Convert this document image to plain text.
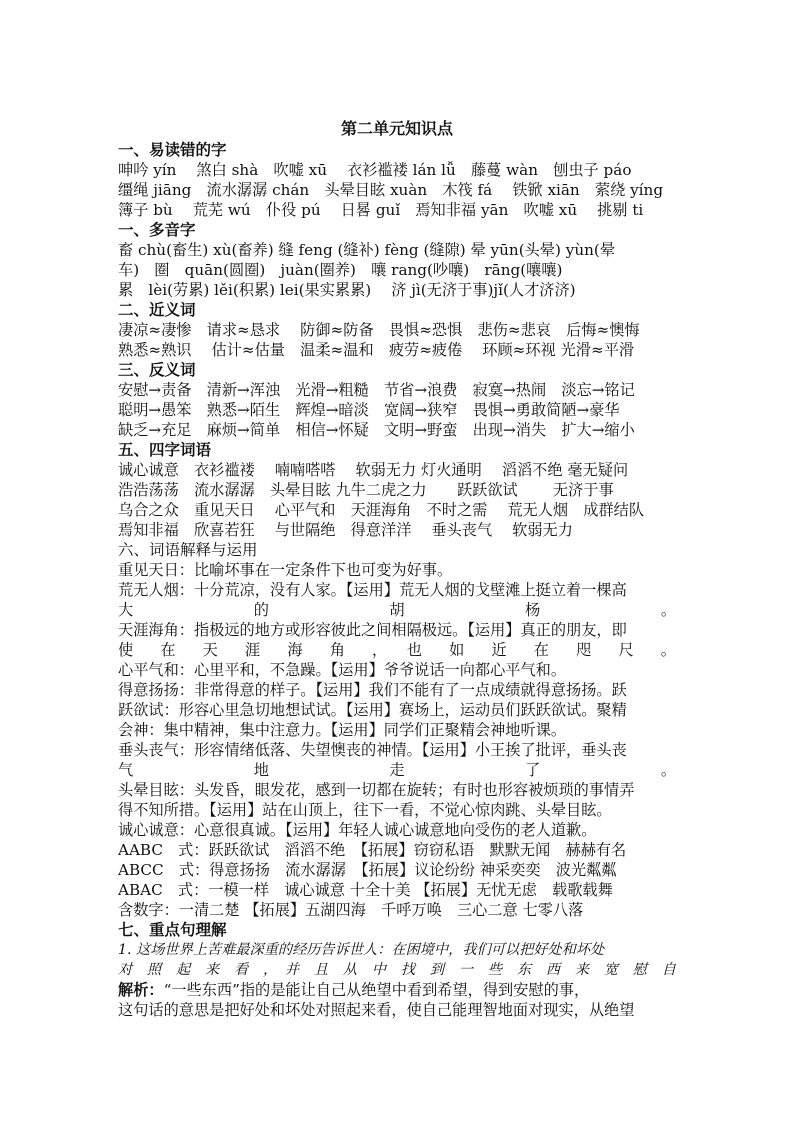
第二单元知识点
一、易读错的字
呻吟 yín　 煞白 shà　吹嘘 xū　 衣衫褴褛 lán lǚ　藤蔓 wàn　刨虫子 páo
缰绳 jiāng　流水潺潺 chán　头晕目眩 xuàn　木筏 fá　 铁锨 xiān　萦绕 yíng
簿子 bù　 荒芜 wú　仆役 pú　 日晷 guǐ　焉知非福 yān　吹嘘 xū　 挑剔 ti
一、多音字
畜 chù(畜生) xù(畜养) 缝 feng (缝补) fèng (缝隙) 晕 yūn(头晕) yùn(晕
车)　圈　quān(圆圈)　juàn(圈养)　嚷 rang(吵嚷)　rāng(嚷嚷)
累　lèi(劳累) lěi(积累) lei(果实累累)　 济 jì(无济于事)jǐ(人才济济)
二、近义词
凄凉≈凄惨　请求≈恳求　 防御≈防备　畏惧≈恐惧　悲伤≈悲哀　后悔≈懊悔
熟悉≈熟识　 估计≈估量　温柔≈温和　疲劳≈疲倦　 环顾≈环视 光滑≈平滑
三、反义词
安慰→责备　清新→浑浊　光滑→粗糙　节省→浪费　寂寞→热闹　淡忘→铭记
聪明→愚笨　熟悉→陌生　辉煌→暗淡　宽阔→狭窄　畏惧→勇敢简陋→豪华
缺乏→充足　麻烦→简单　相信→怀疑　文明→野蛮　出现→消失　扩大→缩小
五、四字词语
诚心诚意　衣衫褴褛　 喃喃嗒嗒　 软弱无力 灯火通明　 滔滔不绝 毫无疑问
浩浩荡荡　流水潺潺　头晕目眩 九牛二虎之力　　跃跃欲试　　 无济于事
乌合之众　重见天日　 心平气和　天涯海角　不时之需　 荒无人烟　成群结队
焉知非福　欣喜若狂　 与世隔绝　得意洋洋　 垂头丧气　 软弱无力
六、词语解释与运用
重见天日：比喻坏事在一定条件下也可变为好事。
荒无人烟：十分荒凉，没有人家。【运用】荒无人烟的戈壁滩上挺立着一棵高
大　　　的　　　胡　　　杨　　　。
天涯海角：指极远的地方或形容彼此之间相隔极远。【运用】真正的朋友，即
使　在　天　涯　海　角　，　也　如　近　在　咫　尺　。
心平气和：心里平和，不急躁。【运用】爷爷说话一向都心平气和。
得意扬扬：非常得意的样子。【运用】我们不能有了一点成绩就得意扬扬。跃
跃欲试：形容心里急切地想试试。【运用】赛场上，运动员们跃跃欲试。聚精
会神：集中精神，集中注意力。【运用】同学们正聚精会神地听课。
垂头丧气：形容情绪低落、失望懊丧的神情。【运用】小王挨了批评，垂头丧
气　　　地　　　走　　　了　　　。
头晕目眩：头发昏，眼发花，感到一切都在旋转；有时也形容被烦琐的事情弄
得不知所措。【运用】站在山顶上，往下一看，不觉心惊肉跳、头晕目眩。
诚心诚意：心意很真诚。【运用】年轻人诚心诚意地向受伤的老人道歉。
AABC　式：跃跃欲试　滔滔不绝　【拓展】窃窃私语　默默无闻　赫赫有名
ABCC　式：得意扬扬　流水潺潺　【拓展】议论纷纷 神采奕奕　波光粼粼
ABAC　式：一模一样　诚心诚意 十全十美 【拓展】无忧无虑　载歌载舞
含数字：一清二楚 【拓展】五湖四海　千呼万唤　三心二意 七零八落
七、重点句理解
1. 这场世界上苦难最深重的经历告诉世人：在困境中，我们可以把好处和坏处
对　照　起　来　看　，　并　且　从　中　找　到　一　些　东　西　来　宽　慰　自　　
解析：“一些东西”指的是能让自己从绝望中看到希望，得到安慰的事，
这句话的意思是把好处和坏处对照起来看，使自己能理智地面对现实，从绝望
